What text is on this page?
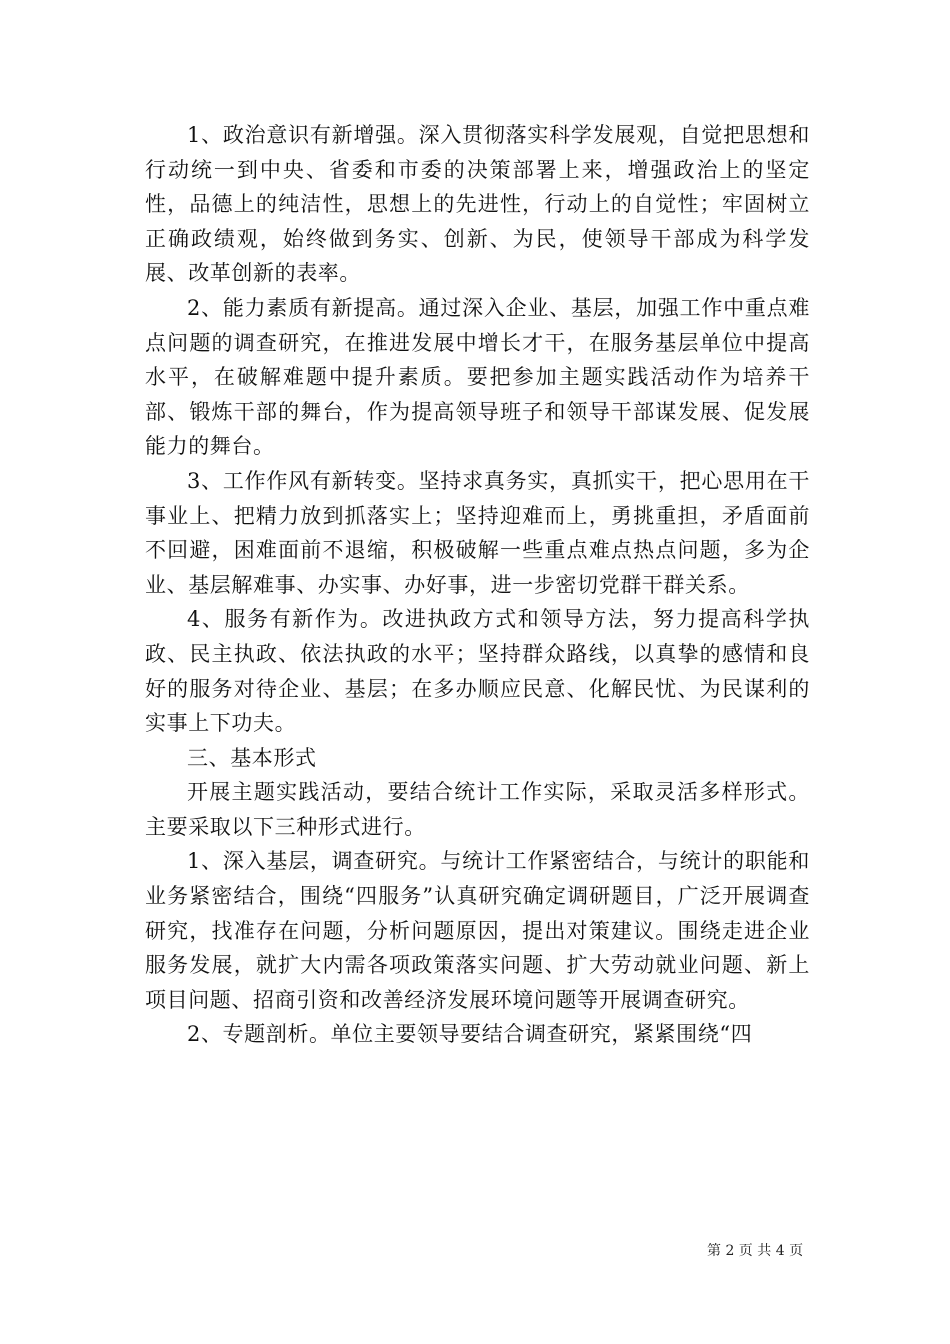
1、政治意识有新增强。深入贯彻落实科学发展观，自觉把思想和行动统一到中央、省委和市委的决策部署上来，增强政治上的坚定性，品德上的纯洁性，思想上的先进性，行动上的自觉性；牢固树立正确政绩观，始终做到务实、创新、为民，使领导干部成为科学发展、改革创新的表率。

2、能力素质有新提高。通过深入企业、基层，加强工作中重点难点问题的调查研究，在推进发展中增长才干，在服务基层单位中提高水平，在破解难题中提升素质。要把参加主题实践活动作为培养干部、锻炼干部的舞台，作为提高领导班子和领导干部谋发展、促发展能力的舞台。

3、工作作风有新转变。坚持求真务实，真抓实干，把心思用在干事业上、把精力放到抓落实上；坚持迎难而上，勇挑重担，矛盾面前不回避，困难面前不退缩，积极破解一些重点难点热点问题，多为企业、基层解难事、办实事、办好事，进一步密切党群干群关系。

4、服务有新作为。改进执政方式和领导方法，努力提高科学执政、民主执政、依法执政的水平；坚持群众路线，以真挚的感情和良好的服务对待企业、基层；在多办顺应民意、化解民忧、为民谋利的实事上下功夫。

三、基本形式

开展主题实践活动，要结合统计工作实际，采取灵活多样形式。主要采取以下三种形式进行。

1、深入基层，调查研究。与统计工作紧密结合，与统计的职能和业务紧密结合，围绕“四服务”认真研究确定调研题目，广泛开展调查研究，找准存在问题，分析问题原因，提出对策建议。围绕走进企业服务发展，就扩大内需各项政策落实问题、扩大劳动就业问题、新上项目问题、招商引资和改善经济发展环境问题等开展调查研究。

2、专题剖析。单位主要领导要结合调查研究，紧紧围绕“四

第 2 页 共 4 页
